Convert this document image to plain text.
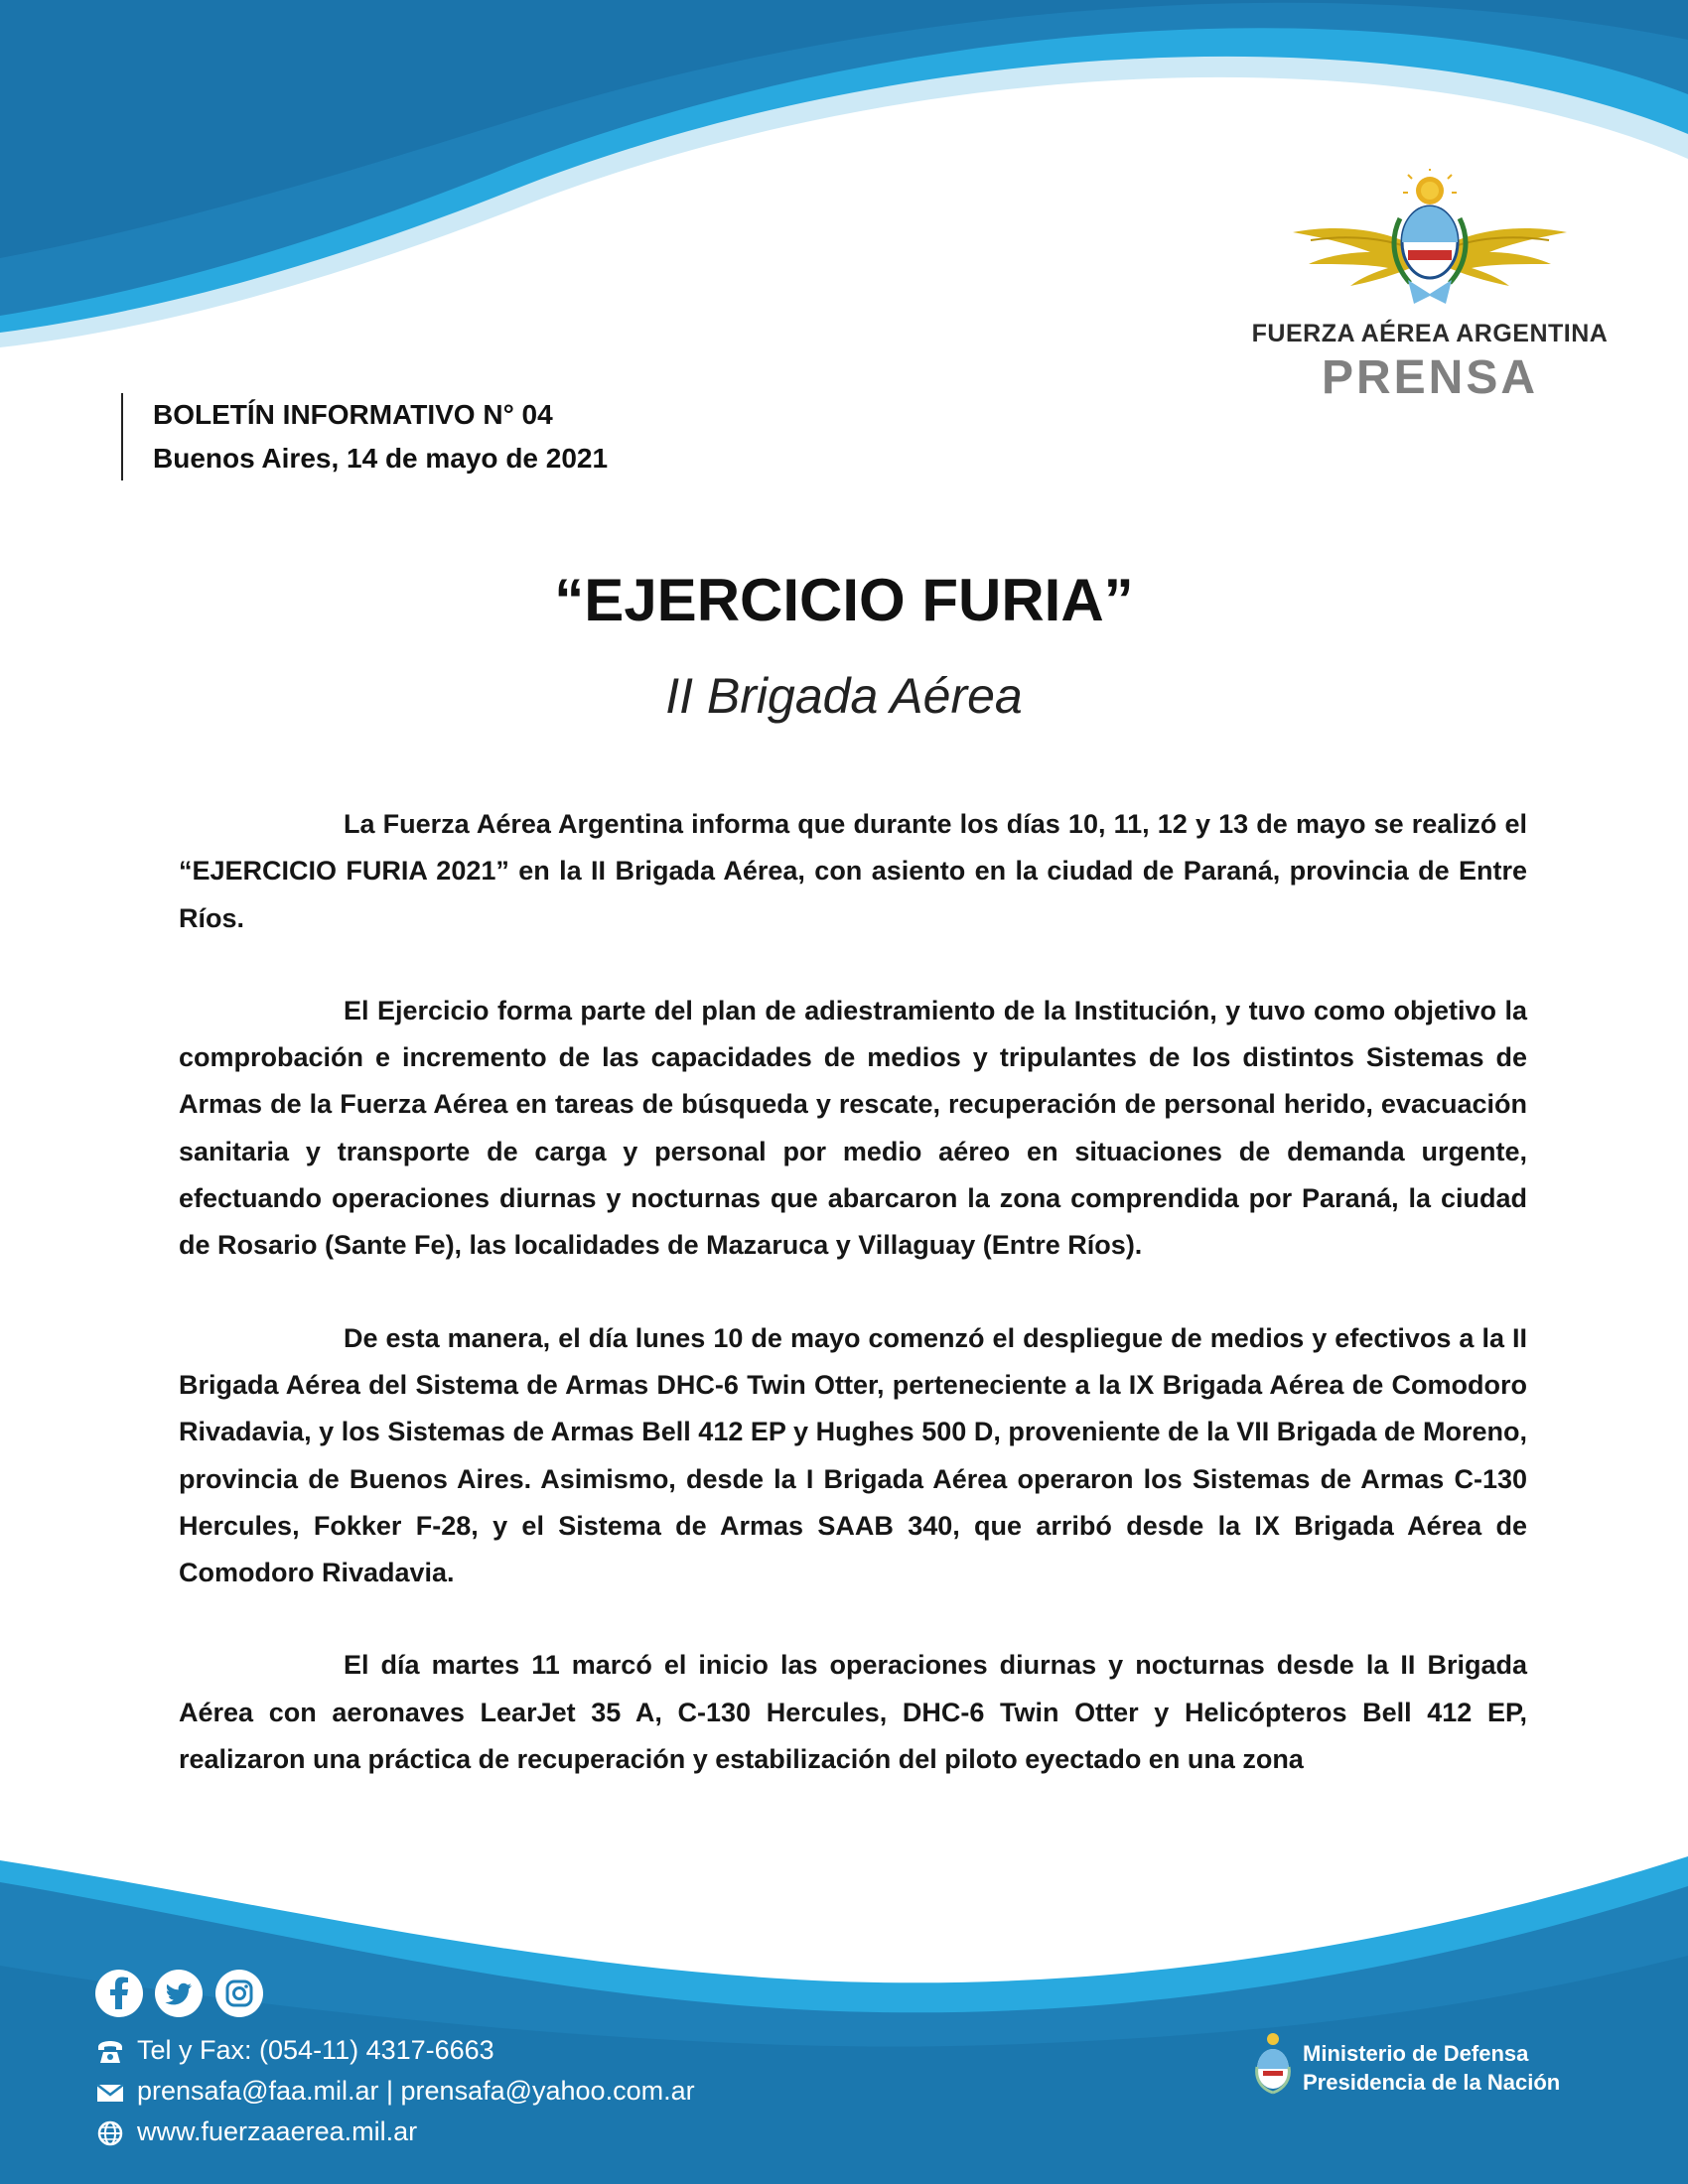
FUERZA AÉREA ARGENTINA
PRENSA
BOLETÍN INFORMATIVO N° 04
Buenos Aires, 14 de mayo de 2021
“EJERCICIO FURIA”
II Brigada Aérea

La Fuerza Aérea Argentina informa que durante los días 10, 11, 12 y 13 de mayo se realizó el “EJERCICIO FURIA 2021” en la II Brigada Aérea, con asiento en la ciudad de Paraná, provincia de Entre Ríos.

El Ejercicio forma parte del plan de adiestramiento de la Institución, y tuvo como objetivo la comprobación e incremento de las capacidades de medios y tripulantes de los distintos Sistemas de Armas de la Fuerza Aérea en tareas de búsqueda y rescate, recuperación de personal herido, evacuación sanitaria y transporte de carga y personal por medio aéreo en situaciones de demanda urgente, efectuando operaciones diurnas y nocturnas que abarcaron la zona comprendida por Paraná, la ciudad de Rosario (Sante Fe), las localidades de Mazaruca y Villaguay (Entre Ríos).

De esta manera, el día lunes 10 de mayo comenzó el despliegue de medios y efectivos a la II Brigada Aérea del Sistema de Armas DHC-6 Twin Otter, perteneciente a la IX Brigada Aérea de Comodoro Rivadavia, y los Sistemas de Armas Bell 412 EP y Hughes 500 D, proveniente de la VII Brigada de Moreno, provincia de Buenos Aires. Asimismo, desde la I Brigada Aérea operaron los Sistemas de Armas C-130 Hercules, Fokker F-28, y el Sistema de Armas SAAB 340, que arribó desde la IX Brigada Aérea de Comodoro Rivadavia.

El día martes 11 marcó el inicio las operaciones diurnas y nocturnas desde la II Brigada Aérea con aeronaves LearJet 35 A, C-130 Hercules, DHC-6 Twin Otter y Helicópteros Bell 412 EP, realizaron una práctica de recuperación y estabilización del piloto eyectado en una zona

Tel y Fax: (054-11) 4317-6663
prensafa@faa.mil.ar | prensafa@yahoo.com.ar
www.fuerzaaerea.mil.ar
Ministerio de Defensa
Presidencia de la Nación
